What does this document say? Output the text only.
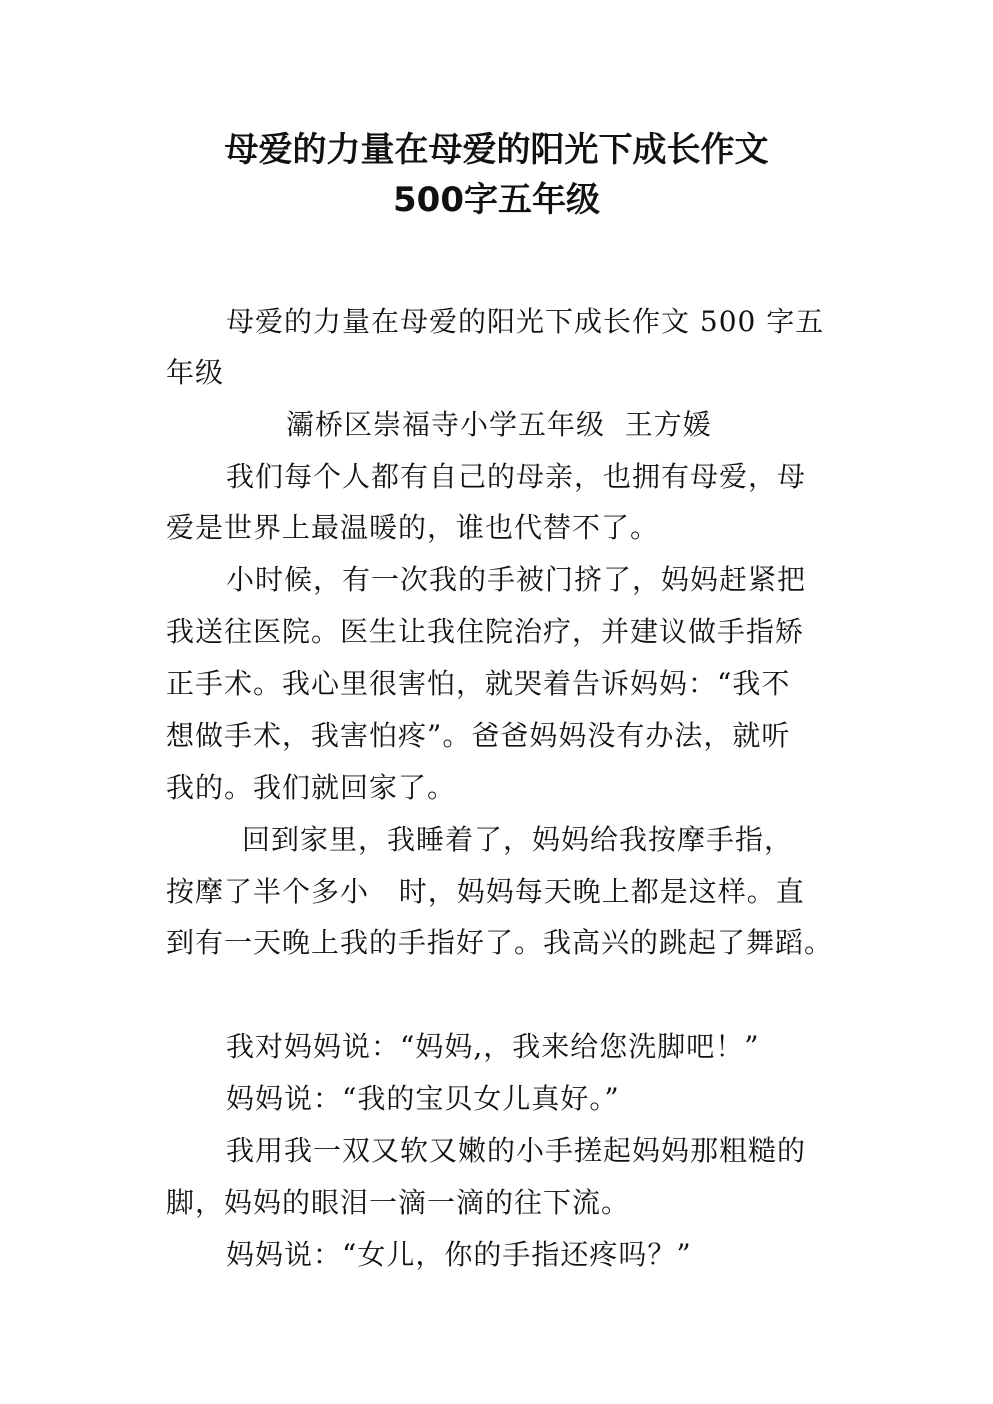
母爱的力量在母爱的阳光下成长作文
500字五年级
母爱的力量在母爱的阳光下成长作文 500 字五
年级
灞桥区崇福寺小学五年级  王方媛
我们每个人都有自己的母亲，也拥有母爱，母
爱是世界上最温暖的，谁也代替不了。
小时候，有一次我的手被门挤了，妈妈赶紧把
我送往医院。医生让我住院治疗，并建议做手指矫
正手术。我心里很害怕，就哭着告诉妈妈：“我不
想做手术，我害怕疼”。爸爸妈妈没有办法，就听
我的。我们就回家了。
回到家里，我睡着了，妈妈给我按摩手指，
按摩了半个多小   时，妈妈每天晚上都是这样。直
到有一天晚上我的手指好了。我高兴的跳起了舞蹈。
我对妈妈说：“妈妈,，我来给您洗脚吧！”
妈妈说：“我的宝贝女儿真好。”
我用我一双又软又嫩的小手搓起妈妈那粗糙的
脚，妈妈的眼泪一滴一滴的往下流。
妈妈说：“女儿，你的手指还疼吗？”
